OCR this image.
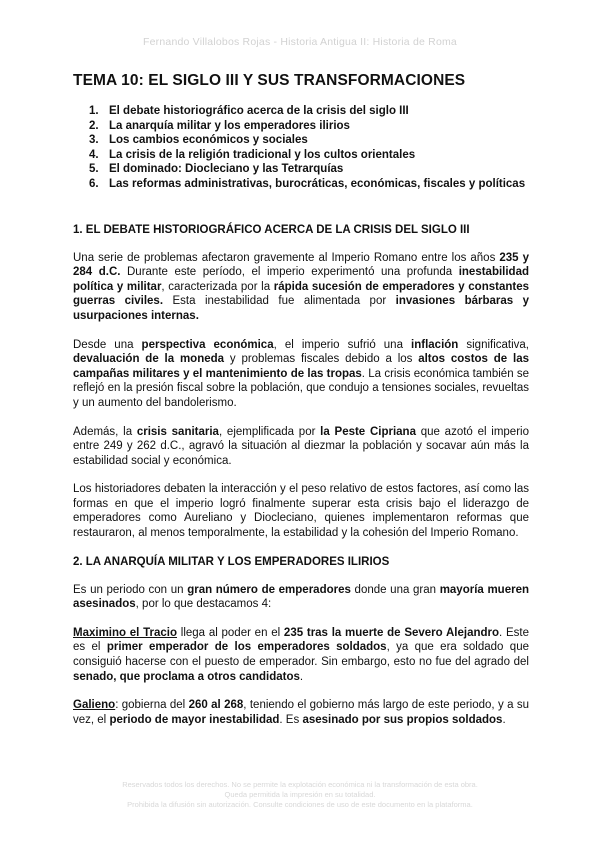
Fernando Villalobos Rojas - Historia Antigua II: Historia de Roma
TEMA 10: EL SIGLO III Y SUS TRANSFORMACIONES
1. El debate historiográfico acerca de la crisis del siglo III
2. La anarquía militar y los emperadores ilirios
3. Los cambios económicos y sociales
4. La crisis de la religión tradicional y los cultos orientales
5. El dominado: Diocleciano y las Tetrarquías
6. Las reformas administrativas, burocráticas, económicas, fiscales y políticas
1. EL DEBATE HISTORIOGRÁFICO ACERCA DE LA CRISIS DEL SIGLO III

Una serie de problemas afectaron gravemente al Imperio Romano entre los años 235 y 284 d.C. Durante este período, el imperio experimentó una profunda inestabilidad política y militar, caracterizada por la rápida sucesión de emperadores y constantes guerras civiles. Esta inestabilidad fue alimentada por invasiones bárbaras y usurpaciones internas.

Desde una perspectiva económica, el imperio sufrió una inflación significativa, devaluación de la moneda y problemas fiscales debido a los altos costos de las campañas militares y el mantenimiento de las tropas. La crisis económica también se reflejó en la presión fiscal sobre la población, que condujo a tensiones sociales, revueltas y un aumento del bandolerismo.

Además, la crisis sanitaria, ejemplificada por la Peste Cipriana que azotó el imperio entre 249 y 262 d.C., agravó la situación al diezmar la población y socavar aún más la estabilidad social y económica.

Los historiadores debaten la interacción y el peso relativo de estos factores, así como las formas en que el imperio logró finalmente superar esta crisis bajo el liderazgo de emperadores como Aureliano y Diocleciano, quienes implementaron reformas que restauraron, al menos temporalmente, la estabilidad y la cohesión del Imperio Romano.

2. LA ANARQUÍA MILITAR Y LOS EMPERADORES ILIRIOS

Es un periodo con un gran número de emperadores donde una gran mayoría mueren asesinados, por lo que destacamos 4:

Maximino el Tracio llega al poder en el 235 tras la muerte de Severo Alejandro. Este es el primer emperador de los emperadores soldados, ya que era soldado que consiguió hacerse con el puesto de emperador. Sin embargo, esto no fue del agrado del senado, que proclama a otros candidatos.

Galieno: gobierna del 260 al 268, teniendo el gobierno más largo de este periodo, y a su vez, el periodo de mayor inestabilidad. Es asesinado por sus propios soldados.

Reservados todos los derechos. No se permite la explotación económica ni la transformación de esta obra.
Queda permitida la impresión en su totalidad.
Prohibida la difusión sin autorización. Consulte condiciones de uso de este documento en la plataforma.
